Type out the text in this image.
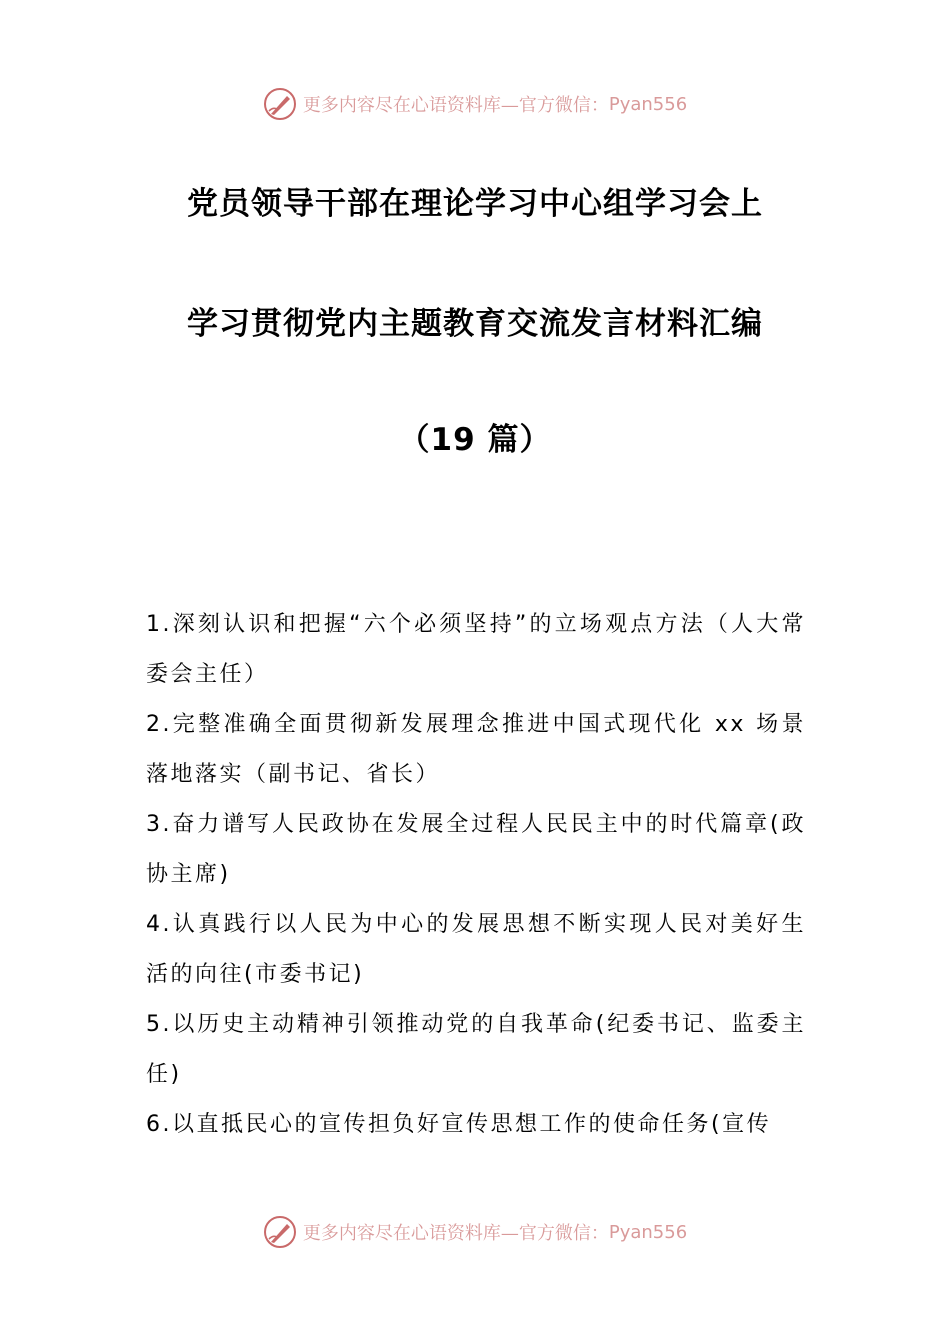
更多内容尽在心语资料库—官方微信： Pyan556
党员领导干部在理论学习中心组学习会上
学习贯彻党内主题教育交流发言材料汇编
（19 篇）
1.深刻认识和把握“六个必须坚持”的立场观点方法（人大常委会主任）
2.完整准确全面贯彻新发展理念推进中国式现代化 xx 场景落地落实（副书记、省长）
3.奋力谱写人民政协在发展全过程人民民主中的时代篇章(政协主席)
4.认真践行以人民为中心的发展思想不断实现人民对美好生活的向往(市委书记)
5.以历史主动精神引领推动党的自我革命(纪委书记、监委主任)
6.以直抵民心的宣传担负好宣传思想工作的使命任务(宣传
更多内容尽在心语资料库—官方微信： Pyan556
